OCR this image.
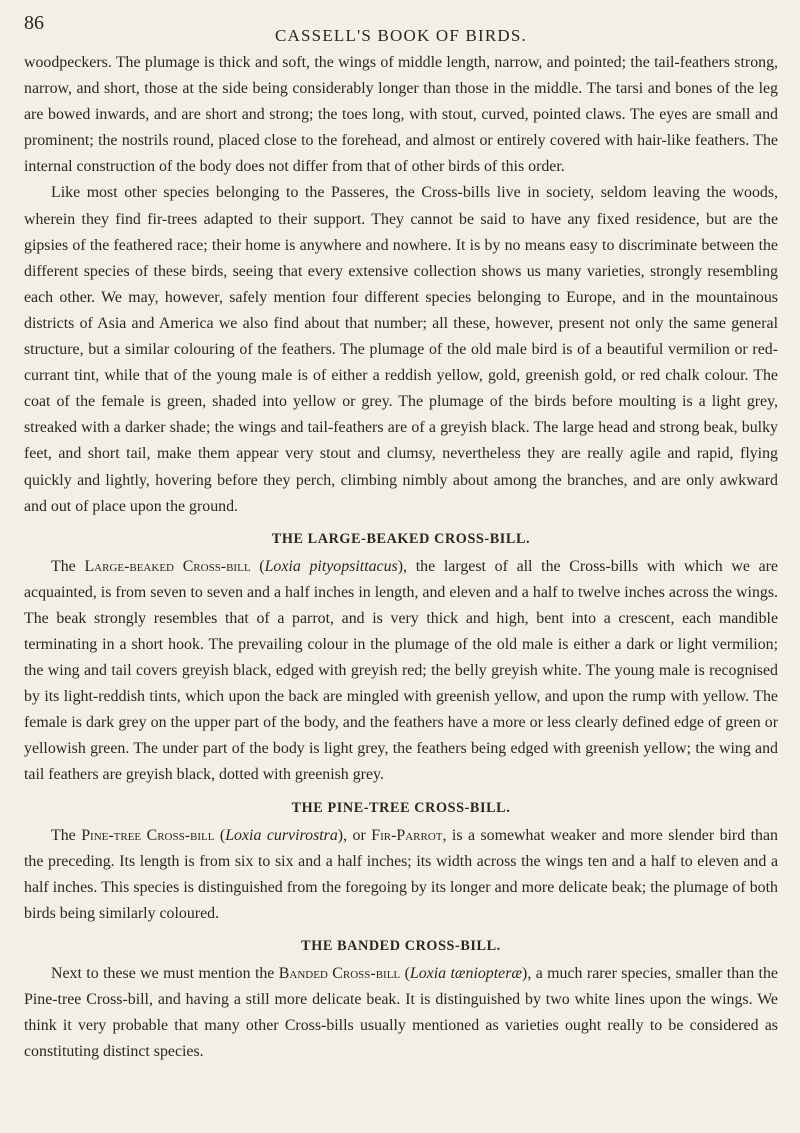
86
CASSELL'S BOOK OF BIRDS.

woodpeckers. The plumage is thick and soft, the wings of middle length, narrow, and pointed; the tail-feathers strong, narrow, and short, those at the side being considerably longer than those in the middle. The tarsi and bones of the leg are bowed inwards, and are short and strong; the toes long, with stout, curved, pointed claws. The eyes are small and prominent; the nostrils round, placed close to the forehead, and almost or entirely covered with hair-like feathers. The internal construction of the body does not differ from that of other birds of this order.

Like most other species belonging to the Passeres, the Cross-bills live in society, seldom leaving the woods, wherein they find fir-trees adapted to their support. They cannot be said to have any fixed residence, but are the gipsies of the feathered race; their home is anywhere and nowhere. It is by no means easy to discriminate between the different species of these birds, seeing that every extensive collection shows us many varieties, strongly resembling each other. We may, however, safely mention four different species belonging to Europe, and in the mountainous districts of Asia and America we also find about that number; all these, however, present not only the same general structure, but a similar colouring of the feathers. The plumage of the old male bird is of a beautiful vermilion or red-currant tint, while that of the young male is of either a reddish yellow, gold, greenish gold, or red chalk colour. The coat of the female is green, shaded into yellow or grey. The plumage of the birds before moulting is a light grey, streaked with a darker shade; the wings and tail-feathers are of a greyish black. The large head and strong beak, bulky feet, and short tail, make them appear very stout and clumsy, nevertheless they are really agile and rapid, flying quickly and lightly, hovering before they perch, climbing nimbly about among the branches, and are only awkward and out of place upon the ground.

THE LARGE-BEAKED CROSS-BILL.

The Large-beaked Cross-bill (Loxia pityopsittacus), the largest of all the Cross-bills with which we are acquainted, is from seven to seven and a half inches in length, and eleven and a half to twelve inches across the wings. The beak strongly resembles that of a parrot, and is very thick and high, bent into a crescent, each mandible terminating in a short hook. The prevailing colour in the plumage of the old male is either a dark or light vermilion; the wing and tail covers greyish black, edged with greyish red; the belly greyish white. The young male is recognised by its light-reddish tints, which upon the back are mingled with greenish yellow, and upon the rump with yellow. The female is dark grey on the upper part of the body, and the feathers have a more or less clearly defined edge of green or yellowish green. The under part of the body is light grey, the feathers being edged with greenish yellow; the wing and tail feathers are greyish black, dotted with greenish grey.

THE PINE-TREE CROSS-BILL.

The Pine-tree Cross-bill (Loxia curvirostra), or Fir-Parrot, is a somewhat weaker and more slender bird than the preceding. Its length is from six to six and a half inches; its width across the wings ten and a half to eleven and a half inches. This species is distinguished from the foregoing by its longer and more delicate beak; the plumage of both birds being similarly coloured.

THE BANDED CROSS-BILL.

Next to these we must mention the Banded Cross-bill (Loxia tæniopteræ), a much rarer species, smaller than the Pine-tree Cross-bill, and having a still more delicate beak. It is distinguished by two white lines upon the wings. We think it very probable that many other Cross-bills usually mentioned as varieties ought really to be considered as constituting distinct species.
